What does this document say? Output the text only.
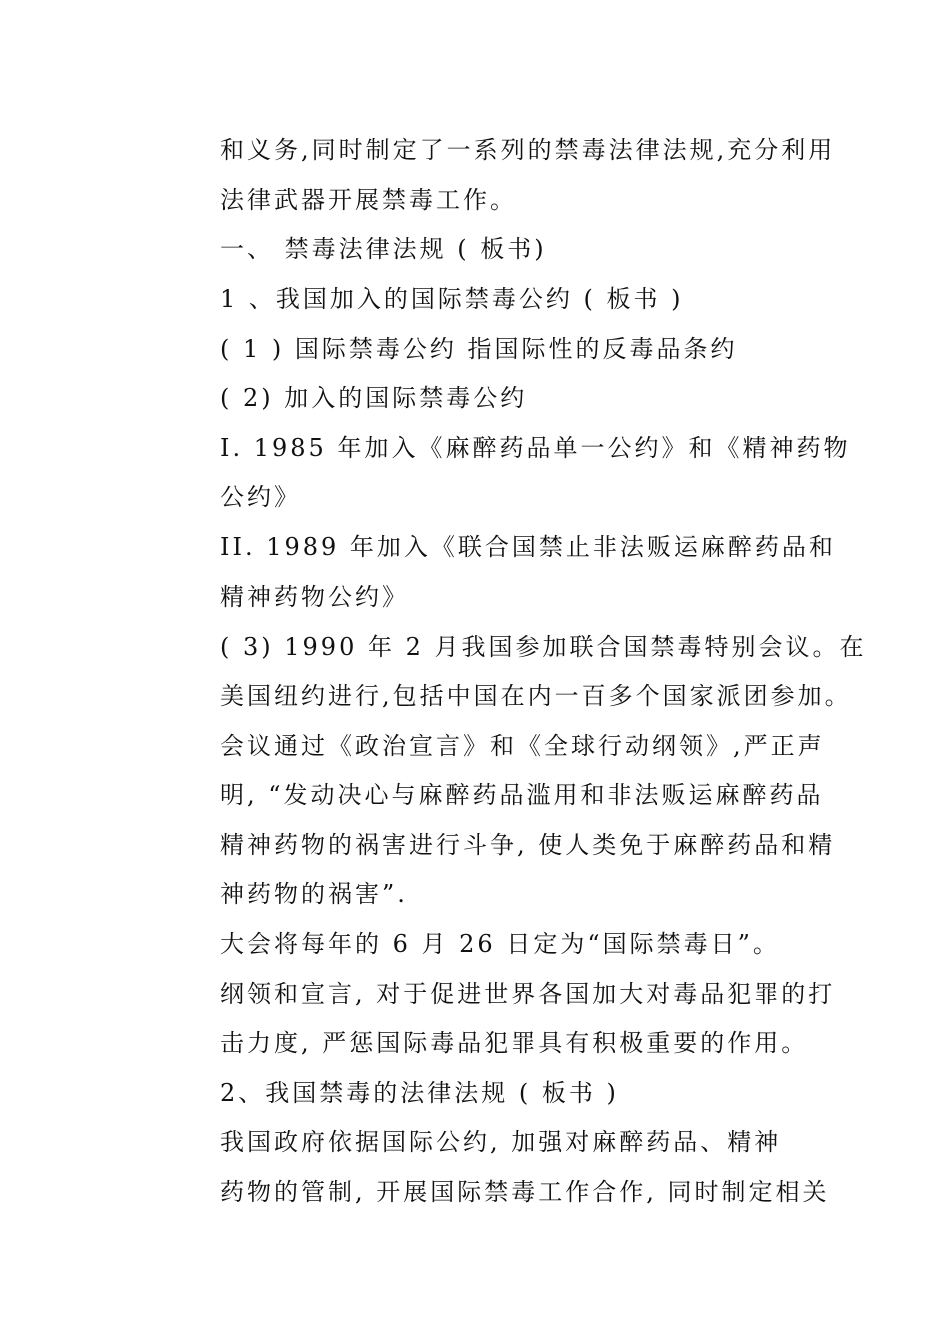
和义务,同时制定了一系列的禁毒法律法规,充分利用
法律武器开展禁毒工作。
一、 禁毒法律法规 ( 板书)
1 、我国加入的国际禁毒公约 ( 板书 )
( 1 ) 国际禁毒公约 指国际性的反毒品条约
( 2) 加入的国际禁毒公约
I. 1985 年加入《麻醉药品单一公约》和《精神药物
公约》
II. 1989 年加入《联合国禁止非法贩运麻醉药品和
精神药物公约》
( 3) 1990 年 2 月我国参加联合国禁毒特别会议。在
美国纽约进行,包括中国在内一百多个国家派团参加。
会议通过《政治宣言》和《全球行动纲领》,严正声
明, “发动决心与麻醉药品滥用和非法贩运麻醉药品
精神药物的祸害进行斗争, 使人类免于麻醉药品和精
神药物的祸害”.
大会将每年的 6 月 26 日定为“国际禁毒日”。
纲领和宣言, 对于促进世界各国加大对毒品犯罪的打
击力度, 严惩国际毒品犯罪具有积极重要的作用。
2、我国禁毒的法律法规 ( 板书 )
我国政府依据国际公约, 加强对麻醉药品、精神
药物的管制, 开展国际禁毒工作合作, 同时制定相关
